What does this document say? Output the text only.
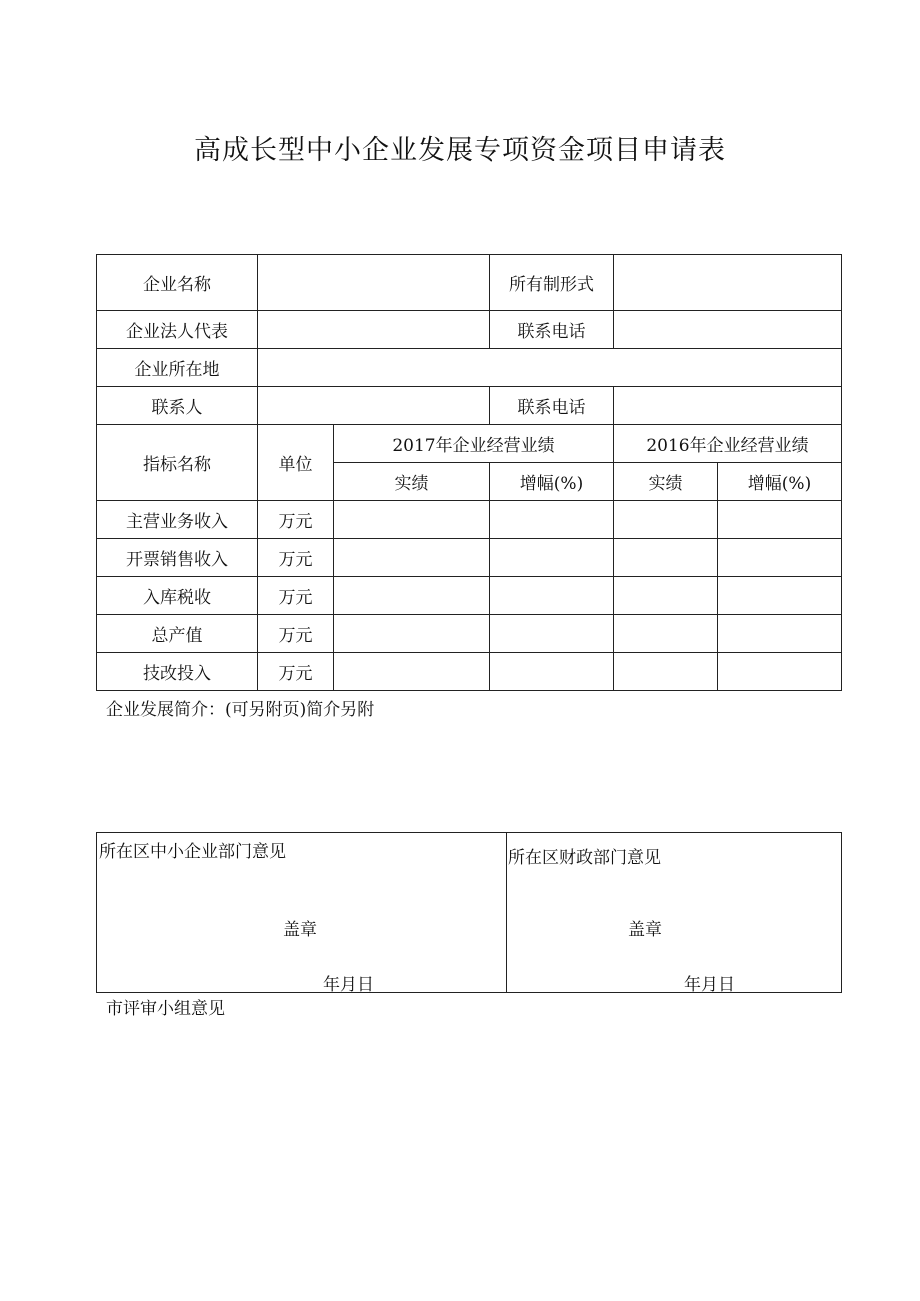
高成长型中小企业发展专项资金项目申请表
企业名称			所有制形式		
企业法人代表			联系电话		
企业所在地					
联系人			联系电话		
指标名称	单位	2017年企业经营业绩		2016年企业经营业绩	
		实绩	增幅(%)	实绩	增幅(%)
主营业务收入	万元				
开票销售收入	万元				
入库税收	万元				
总产值	万元				
技改投入	万元				
企业发展简介：(可另附页)简介另附
所在区中小企业部门意见
盖章
年月日

所在区财政部门意见
盖章
年月日
市评审小组意见
